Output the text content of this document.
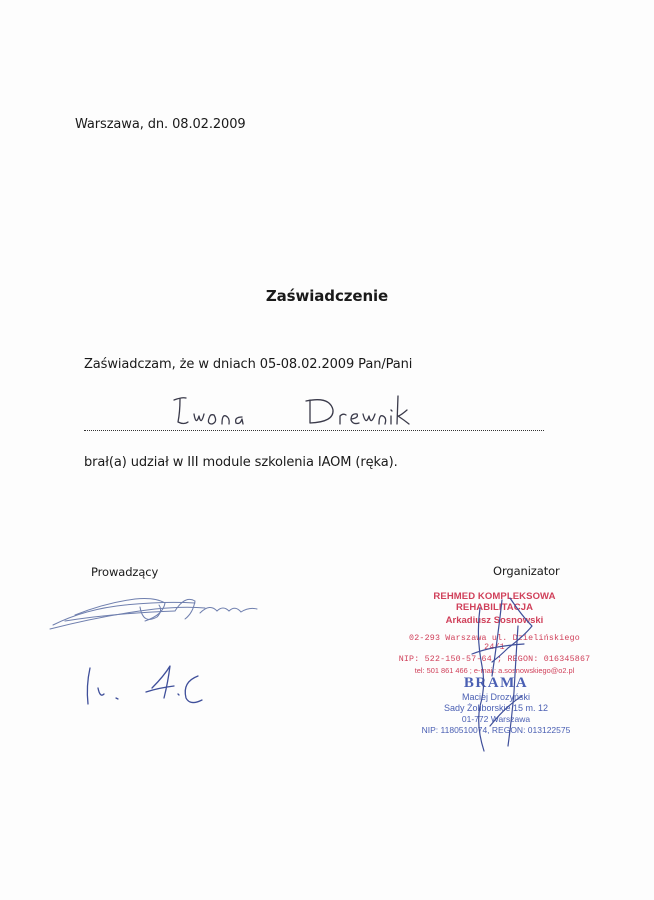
Warszawa, dn. 08.02.2009
Zaświadczenie
Zaświadczam, że w dniach 05-08.02.2009 Pan/Pani
brał(a) udział w III module szkolenia IAOM (ręka).
Prowadzący	Organizator
REHMED KOMPLEKSOWA REHABILITACJA
Arkadiusz Sosnowski
02-293 Warszawa ul. Dzielińskiego 24/1
NIP: 522-150-57-64 ; REGON: 016345867
tel: 501 861 466 ; e-mail: a.sosnowskiego@o2.pl
BRAMA
Maciej Drozyński
Sady Żoliborskie 15 m. 12
01-772 Warszawa
NIP: 1180510074, REGON: 013122575
